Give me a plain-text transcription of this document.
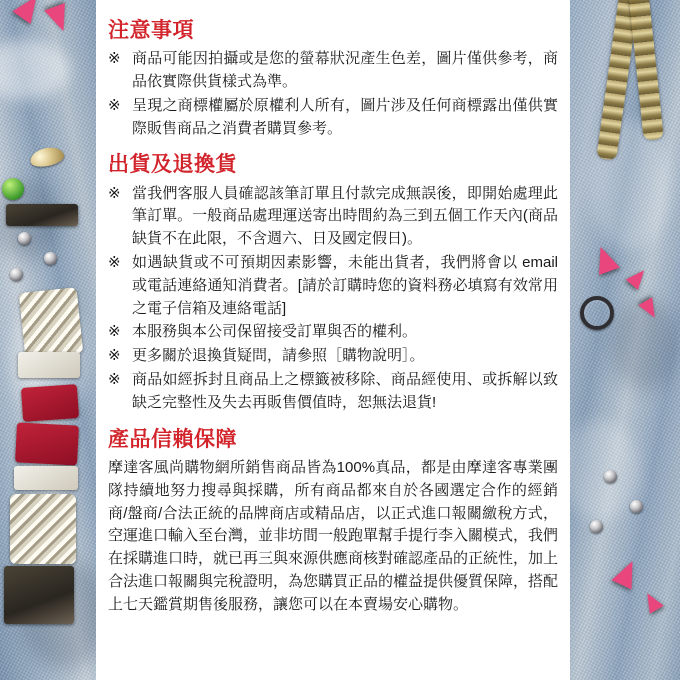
注意事項
※ 商品可能因拍攝或是您的螢幕狀況產生色差，圖片僅供參考，商品依實際供貨樣式為準。
※ 呈現之商標權屬於原權利人所有，圖片涉及任何商標露出僅供實際販售商品之消費者購買參考。
出貨及退換貨
※ 當我們客服人員確認該筆訂單且付款完成無誤後，即開始處理此筆訂單。一般商品處理運送寄出時間約為三到五個工作天內(商品缺貨不在此限，不含週六、日及國定假日)。
※ 如遇缺貨或不可預期因素影響，未能出貨者，我們將會以 email 或電話連絡通知消費者。[請於訂購時您的資料務必填寫有效常用之電子信箱及連絡電話]
※ 本服務與本公司保留接受訂單與否的權利。
※ 更多關於退換貨疑問，請參照［購物說明］。
※ 商品如經拆封且商品上之標籤被移除、商品經使用、或拆解以致缺乏完整性及失去再販售價值時，恕無法退貨!
產品信賴保障

摩達客風尚購物網所銷售商品皆為100%真品，都是由摩達客專業團隊持續地努力搜尋與採購，所有商品都來自於各國選定合作的經銷商/盤商/合法正統的品牌商店或精品店，以正式進口報關繳稅方式，空運進口輸入至台灣，並非坊間一般跑單幫手提行李入關模式，我們在採購進口時，就已再三與來源供應商核對確認產品的正統性，加上合法進口報關與完稅證明，為您購買正品的權益提供優質保障，搭配上七天鑑賞期售後服務，讓您可以在本賣場安心購物。
